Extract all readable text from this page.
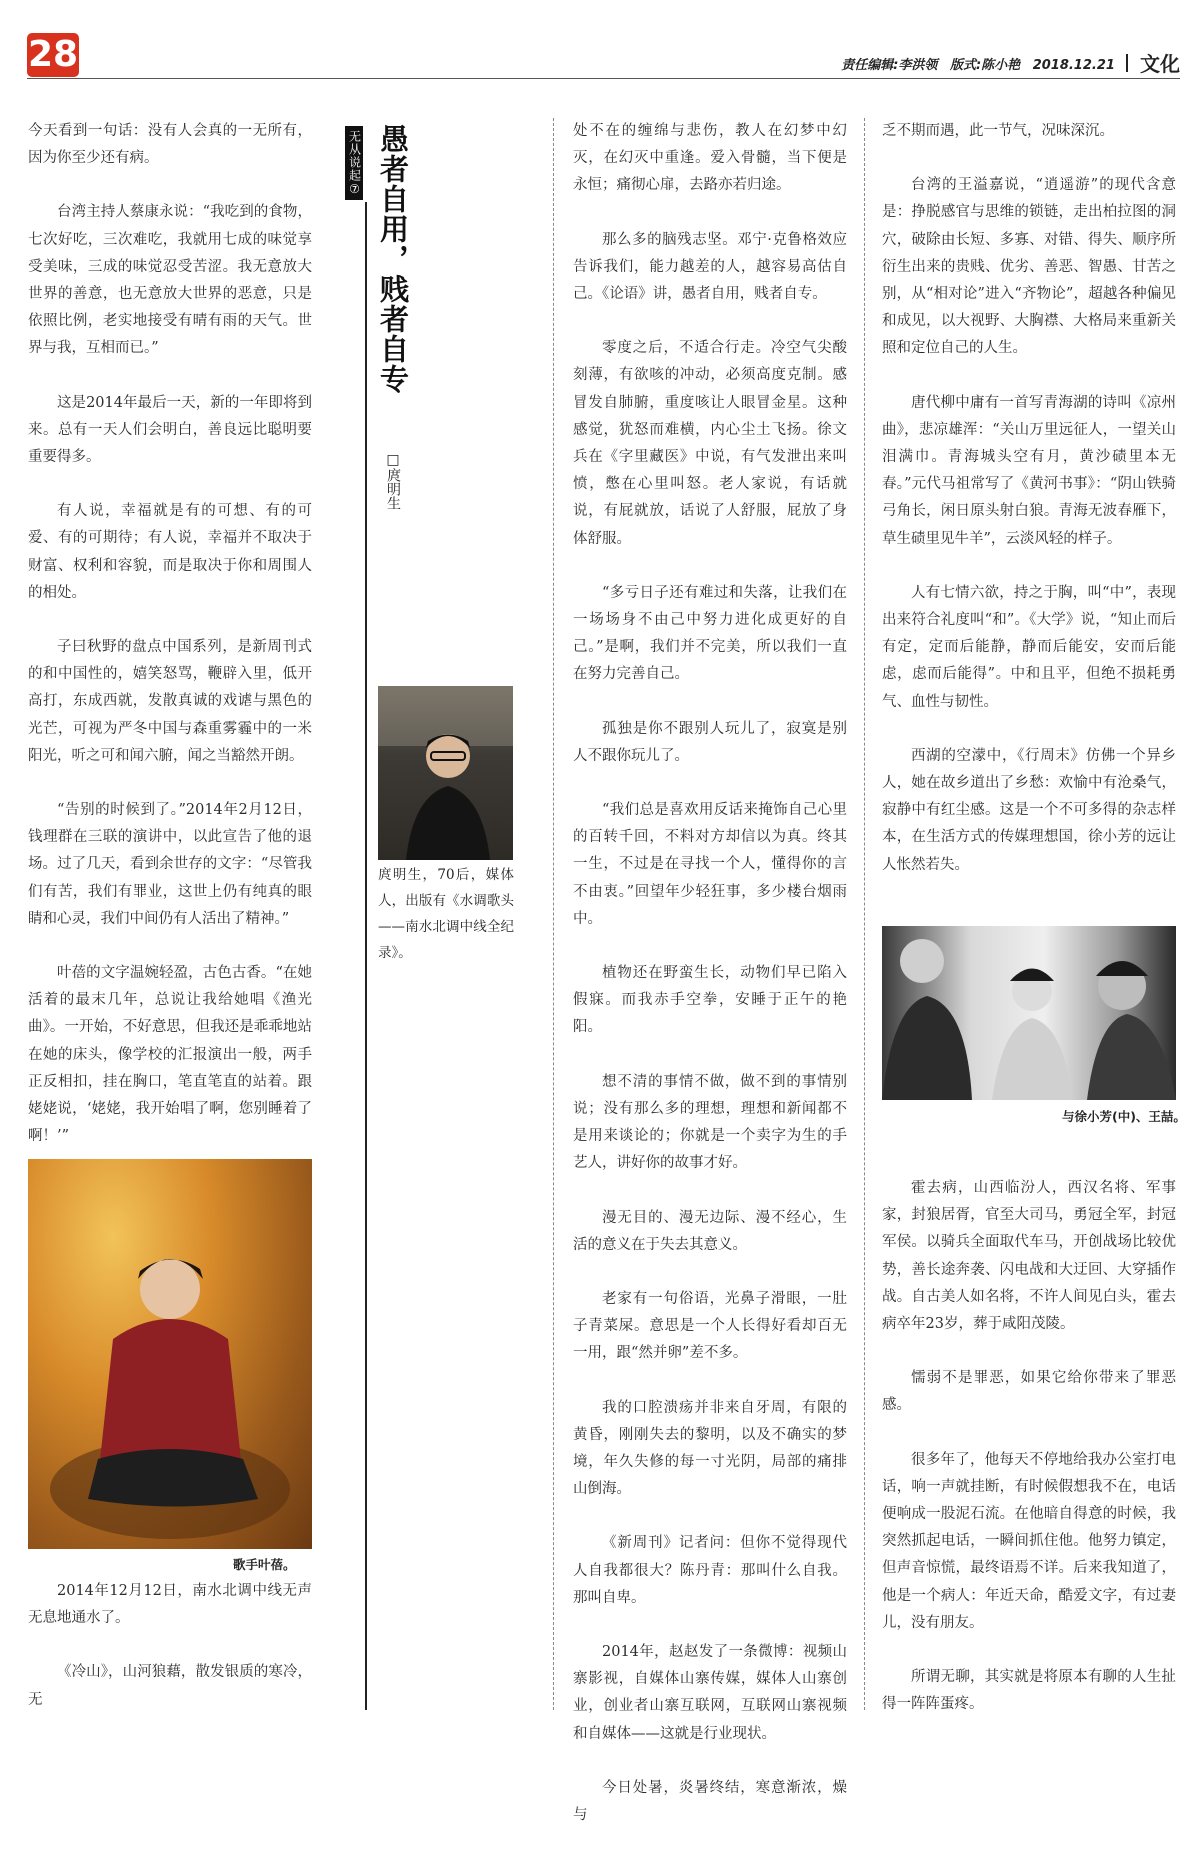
28	责任编辑:李洪领 版式:陈小艳 2018.12.21 文化

今天看到一句话：没有人会真的一无所有，因为你至少还有病。

台湾主持人蔡康永说：“我吃到的食物，七次好吃，三次难吃，我就用七成的味觉享受美味，三成的味觉忍受苦涩。我无意放大世界的善意，也无意放大世界的恶意，只是依照比例，老实地接受有晴有雨的天气。世界与我，互相而已。”

这是2014年最后一天，新的一年即将到来。总有一天人们会明白，善良远比聪明要重要得多。

有人说，幸福就是有的可想、有的可爱、有的可期待；有人说，幸福并不取决于财富、权利和容貌，而是取决于你和周围人的相处。

子曰秋野的盘点中国系列，是新周刊式的和中国性的，嬉笑怒骂，鞭辟入里，低开高打，东成西就，发散真诚的戏谑与黑色的光芒，可视为严冬中国与森重雾霾中的一米阳光，听之可和闻六腑，闻之当豁然开朗。

“告别的时候到了。”2014年2月12日，钱理群在三联的演讲中，以此宣告了他的退场。过了几天，看到余世存的文字：“尽管我们有苦，我们有罪业，这世上仍有纯真的眼睛和心灵，我们中间仍有人活出了精神。”

叶蓓的文字温婉轻盈，古色古香。“在她活着的最末几年，总说让我给她唱《渔光曲》。一开始，不好意思，但我还是乖乖地站在她的床头，像学校的汇报演出一般，两手正反相扣，挂在胸口，笔直笔直的站着。跟姥姥说，‘姥姥，我开始唱了啊，您别睡着了啊！’”

2014年12月12日，南水北调中线无声无息地通水了。

《冷山》，山河狼藉，散发银质的寒冷，无

歌手叶蓓。
无从说起⑦ 愚者自用，贱者自专
□庹明生
庹明生，70后，媒体人，出版有《水调歌头——南水北调中线全纪录》。

处不在的缠绵与悲伤，教人在幻梦中幻灭，在幻灭中重逢。爱入骨髓，当下便是永恒；痛彻心扉，去路亦若归途。

那么多的脑残志坚。邓宁·克鲁格效应告诉我们，能力越差的人，越容易高估自己。《论语》讲，愚者自用，贱者自专。

零度之后，不适合行走。冷空气尖酸刻薄，有欲咳的冲动，必须高度克制。感冒发自肺腑，重度咳让人眼冒金星。这种感觉，犹怒而难横，内心尘土飞扬。徐文兵在《字里藏医》中说，有气发泄出来叫愤，憋在心里叫怒。老人家说，有话就说，有屁就放，话说了人舒服，屁放了身体舒服。

“多亏日子还有难过和失落，让我们在一场场身不由己中努力进化成更好的自己。”是啊，我们并不完美，所以我们一直在努力完善自己。

孤独是你不跟别人玩儿了，寂寞是别人不跟你玩儿了。

“我们总是喜欢用反话来掩饰自己心里的百转千回，不料对方却信以为真。终其一生，不过是在寻找一个人，懂得你的言不由衷。”回望年少轻狂事，多少楼台烟雨中。

植物还在野蛮生长，动物们早已陷入假寐。而我赤手空拳，安睡于正午的艳阳。

想不清的事情不做，做不到的事情别说；没有那么多的理想，理想和新闻都不是用来谈论的；你就是一个卖字为生的手艺人，讲好你的故事才好。

漫无目的、漫无边际、漫不经心，生活的意义在于失去其意义。

老家有一句俗语，光鼻子滑眼，一肚子青菜屎。意思是一个人长得好看却百无一用，跟“然并卵”差不多。

我的口腔溃疡并非来自牙周，有限的黄昏，刚刚失去的黎明，以及不确实的梦境，年久失修的每一寸光阴，局部的痛排山倒海。

《新周刊》记者问：但你不觉得现代人自我都很大？陈丹青：那叫什么自我。那叫自卑。

2014年，赵赵发了一条微博：视频山寨影视，自媒体山寨传媒，媒体人山寨创业，创业者山寨互联网，互联网山寨视频和自媒体——这就是行业现状。

今日处暑，炎暑终结，寒意渐浓，燥与

乏不期而遇，此一节气，况味深沉。

台湾的王溢嘉说，“逍遥游”的现代含意是：挣脱感官与思维的锁链，走出柏拉图的洞穴，破除由长短、多寡、对错、得失、顺序所衍生出来的贵贱、优劣、善恶、智愚、甘苦之别，从“相对论”进入“齐物论”，超越各种偏见和成见，以大视野、大胸襟、大格局来重新关照和定位自己的人生。

唐代柳中庸有一首写青海湖的诗叫《凉州曲》，悲凉雄浑：“关山万里远征人，一望关山泪满巾。青海城头空有月，黄沙碛里本无春。”元代马祖常写了《黄河书事》：“阴山铁骑弓角长，闲日原头射白狼。青海无波春雁下，草生碛里见牛羊”，云淡风轻的样子。

人有七情六欲，持之于胸，叫“中”，表现出来符合礼度叫“和”。《大学》说，“知止而后有定，定而后能静，静而后能安，安而后能虑，虑而后能得”。中和且平，但绝不损耗勇气、血性与韧性。

西湖的空濛中，《行周末》仿佛一个异乡人，她在故乡道出了乡愁：欢愉中有沧桑气，寂静中有红尘感。这是一个不可多得的杂志样本，在生活方式的传媒理想国，徐小芳的远让人怅然若失。

与徐小芳(中)、王喆。

霍去病，山西临汾人，西汉名将、军事家，封狼居胥，官至大司马，勇冠全军，封冠军侯。以骑兵全面取代车马，开创战场比较优势，善长途奔袭、闪电战和大迂回、大穿插作战。自古美人如名将，不许人间见白头，霍去病卒年23岁，葬于咸阳茂陵。

懦弱不是罪恶，如果它给你带来了罪恶感。

很多年了，他每天不停地给我办公室打电话，响一声就挂断，有时候假想我不在，电话便响成一股泥石流。在他暗自得意的时候，我突然抓起电话，一瞬间抓住他。他努力镇定，但声音惊慌，最终语焉不详。后来我知道了，他是一个病人：年近天命，酷爱文字，有过妻儿，没有朋友。

所谓无聊，其实就是将原本有聊的人生扯得一阵阵蛋疼。
